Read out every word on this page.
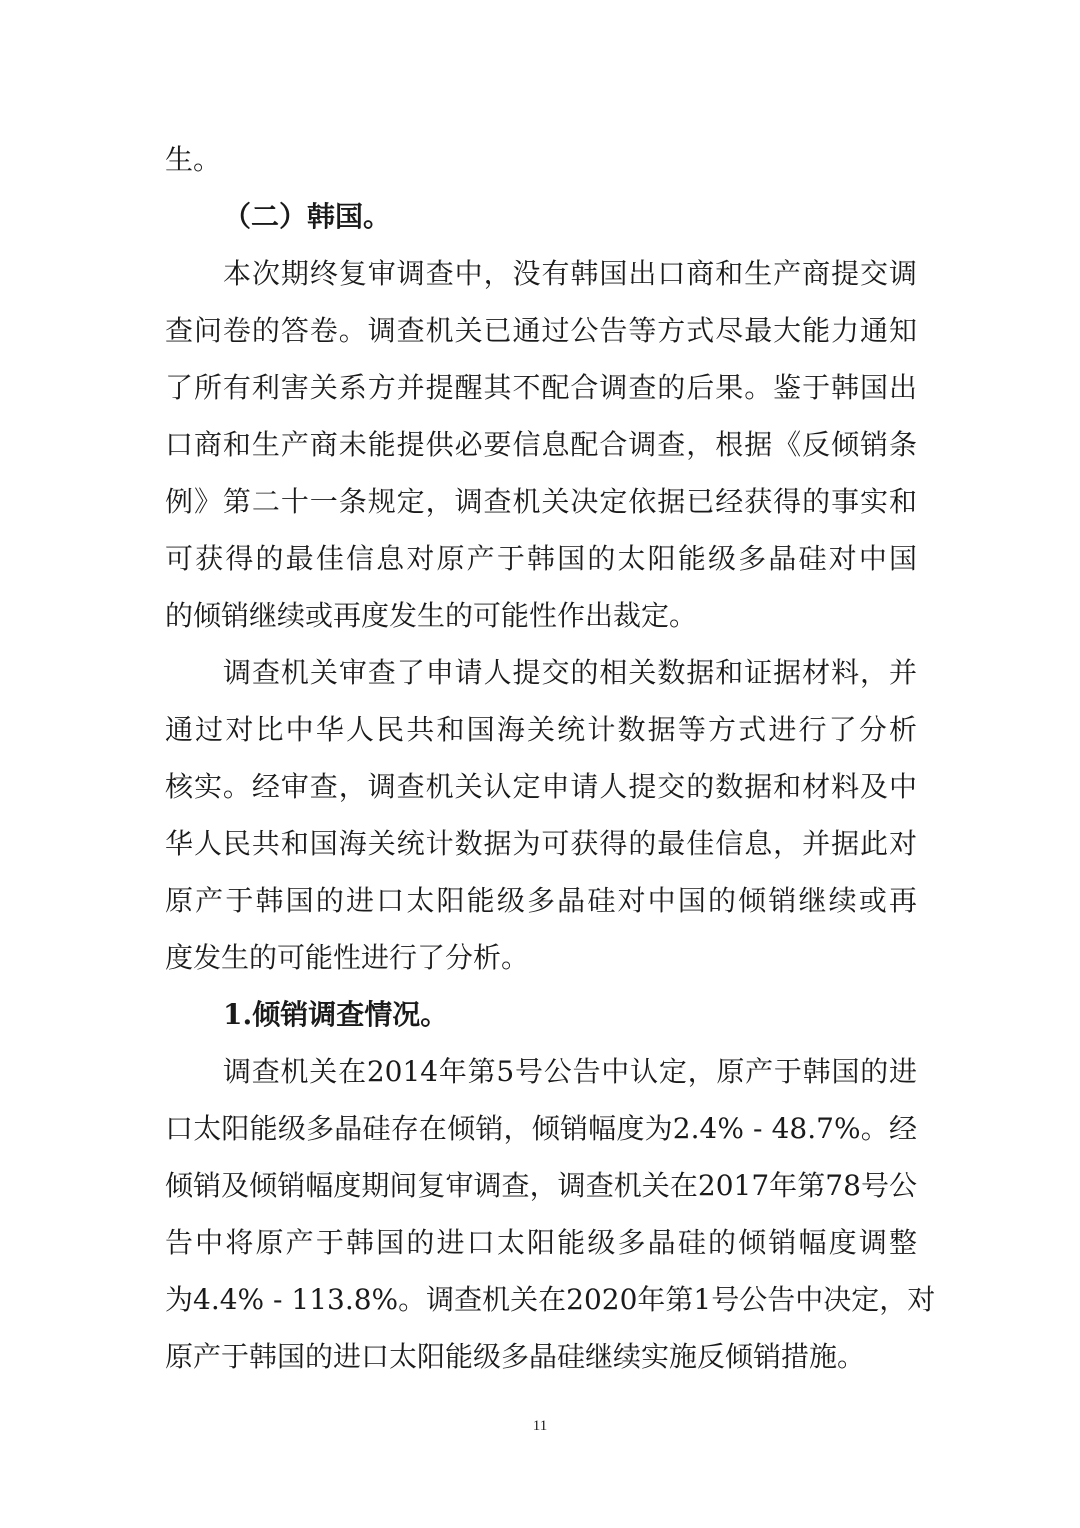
生。
（二）韩国。
本次期终复审调查中，没有韩国出口商和生产商提交调
查问卷的答卷。调查机关已通过公告等方式尽最大能力通知
了所有利害关系方并提醒其不配合调查的后果。鉴于韩国出
口商和生产商未能提供必要信息配合调查，根据《反倾销条
例》第二十一条规定，调查机关决定依据已经获得的事实和
可获得的最佳信息对原产于韩国的太阳能级多晶硅对中国
的倾销继续或再度发生的可能性作出裁定。
调查机关审查了申请人提交的相关数据和证据材料，并
通过对比中华人民共和国海关统计数据等方式进行了分析
核实。经审查，调查机关认定申请人提交的数据和材料及中
华人民共和国海关统计数据为可获得的最佳信息，并据此对
原产于韩国的进口太阳能级多晶硅对中国的倾销继续或再
度发生的可能性进行了分析。
1.倾销调查情况。
调查机关在2014年第5号公告中认定，原产于韩国的进
口太阳能级多晶硅存在倾销，倾销幅度为2.4% - 48.7%。经
倾销及倾销幅度期间复审调查，调查机关在2017年第78号公
告中将原产于韩国的进口太阳能级多晶硅的倾销幅度调整
为4.4% - 113.8%。调查机关在2020年第1号公告中决定，对
原产于韩国的进口太阳能级多晶硅继续实施反倾销措施。
11
